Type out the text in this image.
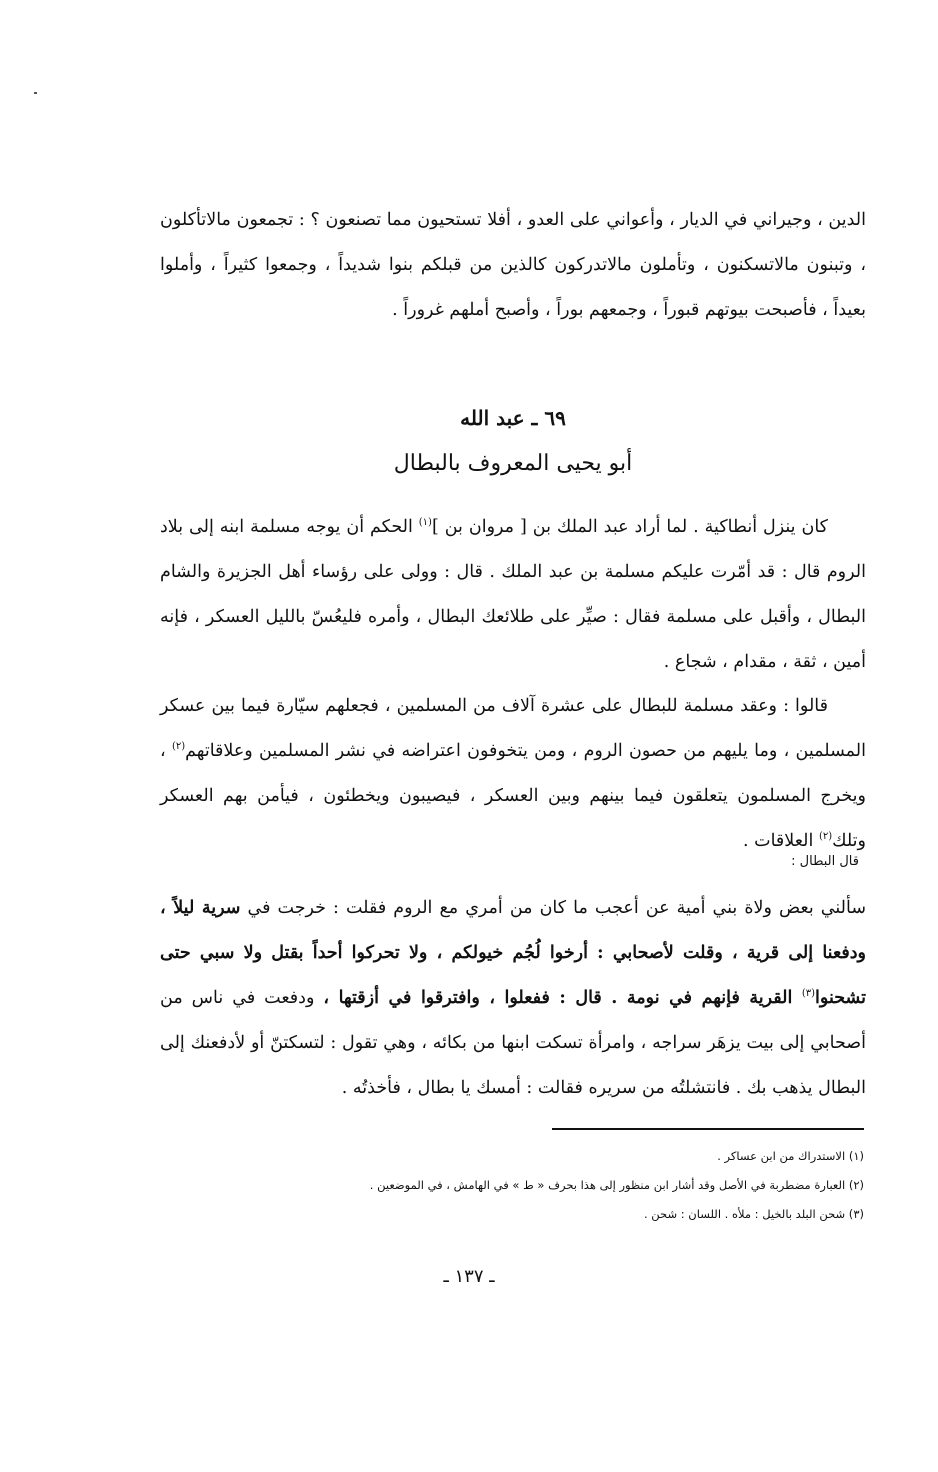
الدين ، وجيراني في الديار ، وأعواني على العدو ، أفلا تستحيون مما تصنعون ؟ : تجمعون مالاتأكلون ، وتبنون مالاتسكنون ، وتأملون مالاتدركون كالذين من قبلكم بنوا شديداً ، وجمعوا كثيراً ، وأملوا بعيداً ، فأصبحت بيوتهم قبوراً ، وجمعهم بوراً ، وأصبح أملهم غروراً .

٦٩ ـ عبد الله
أبو يحيى المعروف بالبطال

كان ينزل أنطاكية . لما أراد عبد الملك بن [ مروان بن ]$^{(١)}$ الحكم أن يوجه مسلمة ابنه إلى بلاد الروم قال : قد أمّرت عليكم مسلمة بن عبد الملك . قال : وولى على رؤساء أهل الجزيرة والشام البطال ، وأقبل على مسلمة فقال : صيِّر على طلائعك البطال ، وأمره فليعُسّ بالليل العسكر ، فإنه أمين ، ثقة ، مقدام ، شجاع .

قالوا : وعقد مسلمة للبطال على عشرة آلاف من المسلمين ، فجعلهم سيّارة فيما بين عسكر المسلمين ، وما يليهم من حصون الروم ، ومن يتخوفون اعتراضه في نشر المسلمين وعلاقاتهم$^{(٢)}$ ، ويخرج المسلمون يتعلقون فيما بينهم وبين العسكر ، فيصيبون ويخطئون ، فيأمن بهم العسكر وتلك$^{(٢)}$ العلاقات .

قال البطال :

سألني بعض ولاة بني أمية عن أعجب ما كان من أمري مع الروم فقلت : خرجت في سرية ليلاً ، ودفعنا إلى قرية ، وقلت لأصحابي : أرخوا لُجُم خيولكم ، ولا تحركوا أحداً بقتل ولا سبي حتى تشحنوا$^{(٣)}$ القرية فإنهم في نومة . قال : ففعلوا ، وافترقوا في أزقتها ، ودفعت في ناس من أصحابي إلى بيت يزهَر سراجه ، وامرأة تسكت ابنها من بكائه ، وهي تقول : لتسكتنّ أو لأدفعنك إلى البطال يذهب بك . فانتشلتُه من سريره فقالت : أمسك يا بطال ، فأخذتُه .

(١) الاستدراك من ابن عساكر .
(٢) العبارة مضطربة في الأصل وقد أشار ابن منظور إلى هذا بحرف « ط » في الهامش ، في الموضعين .
(٣) شحن البلد بالخيل : ملأه . اللسان : شحن .
ـ ١٣٧ ـ
